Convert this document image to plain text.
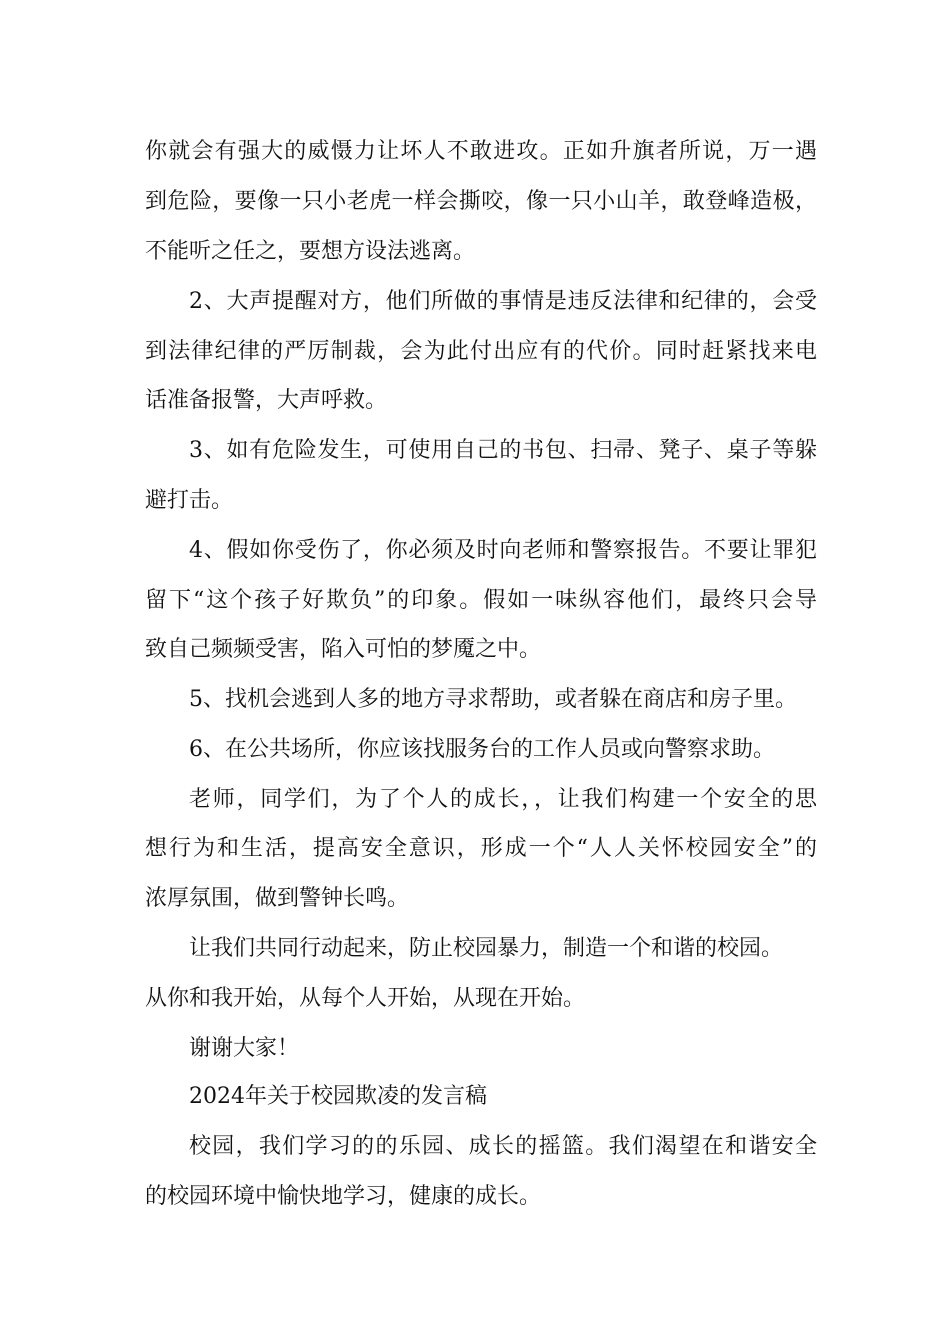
你就会有强大的威慑力让坏人不敢进攻。正如升旗者所说，万一遇
到危险，要像一只小老虎一样会撕咬，像一只小山羊，敢登峰造极，
不能听之任之，要想方设法逃离。
2、大声提醒对方，他们所做的事情是违反法律和纪律的，会受
到法律纪律的严厉制裁，会为此付出应有的代价。同时赶紧找来电
话准备报警，大声呼救。
3、如有危险发生，可使用自己的书包、扫帚、凳子、桌子等躲
避打击。
4、假如你受伤了，你必须及时向老师和警察报告。不要让罪犯
留下“这个孩子好欺负”的印象。假如一味纵容他们，最终只会导
致自己频频受害，陷入可怕的梦魇之中。
5、找机会逃到人多的地方寻求帮助，或者躲在商店和房子里。
6、在公共场所，你应该找服务台的工作人员或向警察求助。
老师，同学们，为了个人的成长，，让我们构建一个安全的思
想行为和生活，提高安全意识，形成一个“人人关怀校园安全”的
浓厚氛围，做到警钟长鸣。
让我们共同行动起来，防止校园暴力，制造一个和谐的校园。
从你和我开始，从每个人开始，从现在开始。
谢谢大家！
2024年关于校园欺凌的发言稿
校园，我们学习的的乐园、成长的摇篮。我们渴望在和谐安全
的校园环境中愉快地学习，健康的成长。
